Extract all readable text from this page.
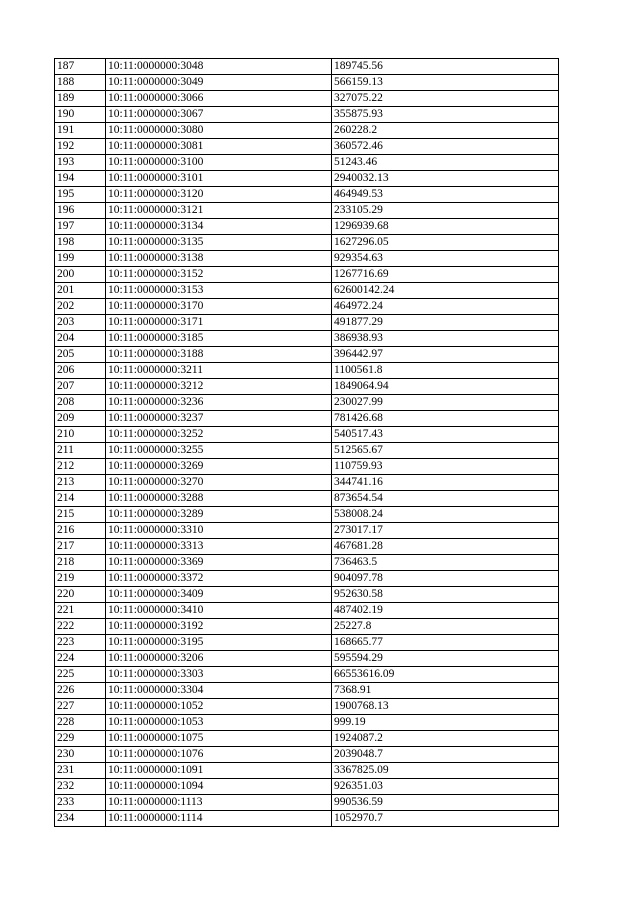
187	10:11:0000000:3048	189745.56
188	10:11:0000000:3049	566159.13
189	10:11:0000000:3066	327075.22
190	10:11:0000000:3067	355875.93
191	10:11:0000000:3080	260228.2
192	10:11:0000000:3081	360572.46
193	10:11:0000000:3100	51243.46
194	10:11:0000000:3101	2940032.13
195	10:11:0000000:3120	464949.53
196	10:11:0000000:3121	233105.29
197	10:11:0000000:3134	1296939.68
198	10:11:0000000:3135	1627296.05
199	10:11:0000000:3138	929354.63
200	10:11:0000000:3152	1267716.69
201	10:11:0000000:3153	62600142.24
202	10:11:0000000:3170	464972.24
203	10:11:0000000:3171	491877.29
204	10:11:0000000:3185	386938.93
205	10:11:0000000:3188	396442.97
206	10:11:0000000:3211	1100561.8
207	10:11:0000000:3212	1849064.94
208	10:11:0000000:3236	230027.99
209	10:11:0000000:3237	781426.68
210	10:11:0000000:3252	540517.43
211	10:11:0000000:3255	512565.67
212	10:11:0000000:3269	110759.93
213	10:11:0000000:3270	344741.16
214	10:11:0000000:3288	873654.54
215	10:11:0000000:3289	538008.24
216	10:11:0000000:3310	273017.17
217	10:11:0000000:3313	467681.28
218	10:11:0000000:3369	736463.5
219	10:11:0000000:3372	904097.78
220	10:11:0000000:3409	952630.58
221	10:11:0000000:3410	487402.19
222	10:11:0000000:3192	25227.8
223	10:11:0000000:3195	168665.77
224	10:11:0000000:3206	595594.29
225	10:11:0000000:3303	66553616.09
226	10:11:0000000:3304	7368.91
227	10:11:0000000:1052	1900768.13
228	10:11:0000000:1053	999.19
229	10:11:0000000:1075	1924087.2
230	10:11:0000000:1076	2039048.7
231	10:11:0000000:1091	3367825.09
232	10:11:0000000:1094	926351.03
233	10:11:0000000:1113	990536.59
234	10:11:0000000:1114	1052970.7
